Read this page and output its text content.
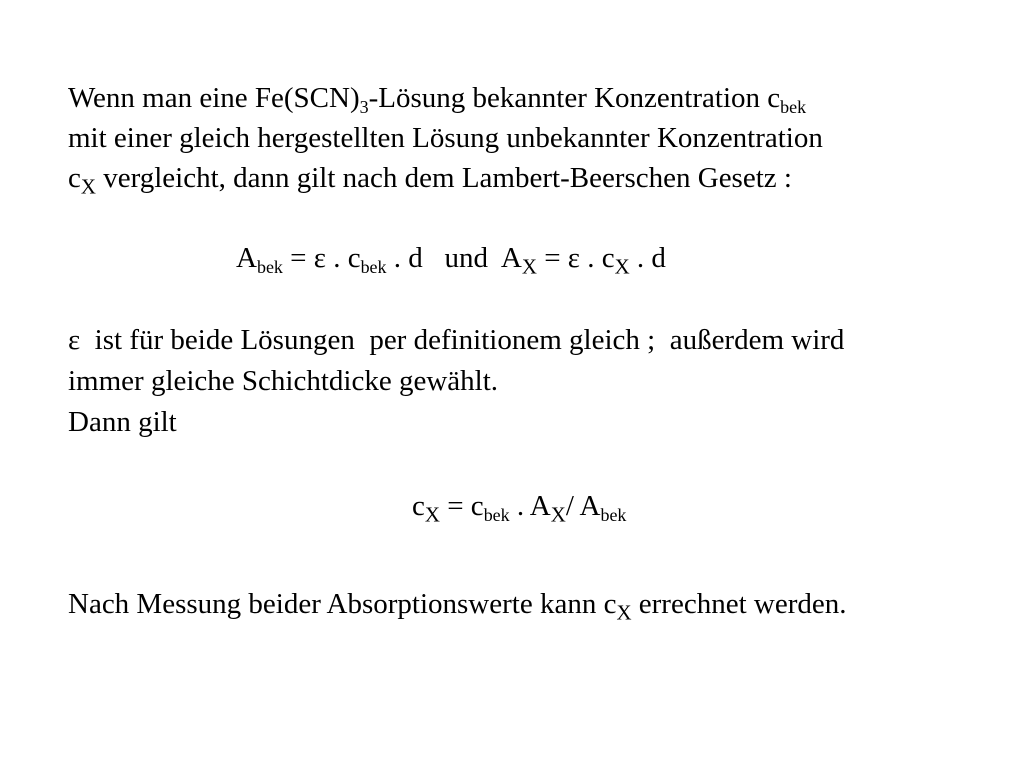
Wenn man eine $Fe(SCN)_3$-Lösung bekannter Konzentration $c_{bek}$
mit einer gleich hergestellten Lösung unbekannter Konzentration
$c_X$ vergleicht, dann gilt nach dem Lambert-Beerschen Gesetz :
$A_{bek} = \varepsilon$ . $c_{bek}$ . d   und  $A_X = \varepsilon$ . $c_X$ . d
ε  ist für beide Lösungen  per definitionem gleich ;  außerdem wird
immer gleiche Schichtdicke gewählt.
Dann gilt
$c_X = c_{bek}$ . $A_X/$ $A_{bek}$
Nach Messung beider Absorptionswerte kann $c_X$ errechnet werden.
